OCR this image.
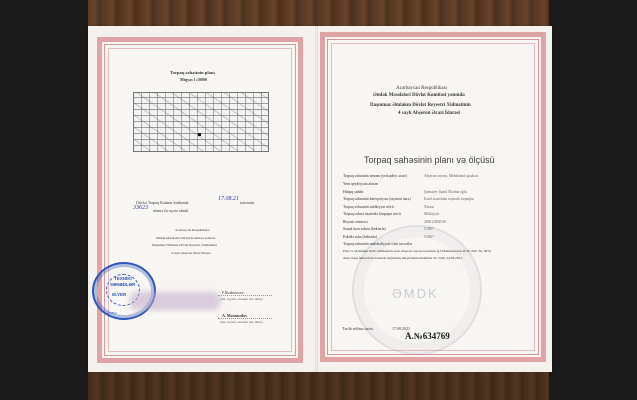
Torpaq sahəsinin planı
Miqyas 1:10000
Dövlət Torpaq Kadastr kitabında
17.08.21
tarixində
33623 nömrə ilə uçota alındı.
Azərbaycan Respublikası
Əmlak Məsələləri Dövlət Komitəsi yanında
Daşınmaz Əmlakın Dövlət Reyestri Xidmətinin
4 saylı Abşeron Ərazi İdarəsi
F.İbrahimova
(adı, soyadı, atasının adı, imza)
A. Məmmədov
(adı, soyadı, atasının adı, imza)
TEXNİKİ
SƏNƏDLƏR
M.YER
İcraçı:
ƏMDK
Azərbaycan Respublikası
Əmlak Məsələləri Dövlət Komitəsi yanında
Daşınmaz Əmlakın Dövlət Reyestri Xidmətinin
4 saylı Abşeron Ərazi İdarəsi
Torpaq sahəsinin planı və ölçüsü
Torpaq sahəsinin ünvanı (yerləşdiyi ərazi)	Abşeron rayonu, Mehdiabad qəsəbəsi
Yeni qeydiyyata alınan
Hüquq sahibi	Şəmsiyev Şəmil Mərdan oğlu
Torpaq sahəsinin kateqoriyası (təyinatı üzrə)	Kənd təsərrüfatı təyinatlı torpaqlar
Torpaq sahəsinin mülkiyyət növü	Xüsusi
Torpaq sahəsi üzərində hüququn növü	Mülkiyyət
Reyestr nömrəsi	200012004538
Sənəd üzrə sahəsi (hektarla)	0.0307
Faktiki sahə (hektarla)	0.0307
Torpaq sahəsinin məhdudiyyəti olan sərvətlər
Plan və ölçüsünün tərtib edilməsinin əsası Abşeron rayonu notariusu Q.İ.Məmmədovun 20.07.2021 No 3679,
Alını-Satqı müqaviləsi əsasında bağlanmış müqavilənin məlumatı No 3240, 04.08.2021.
Tərtib edilmə tarixi	17.08.2021
A.№634769
